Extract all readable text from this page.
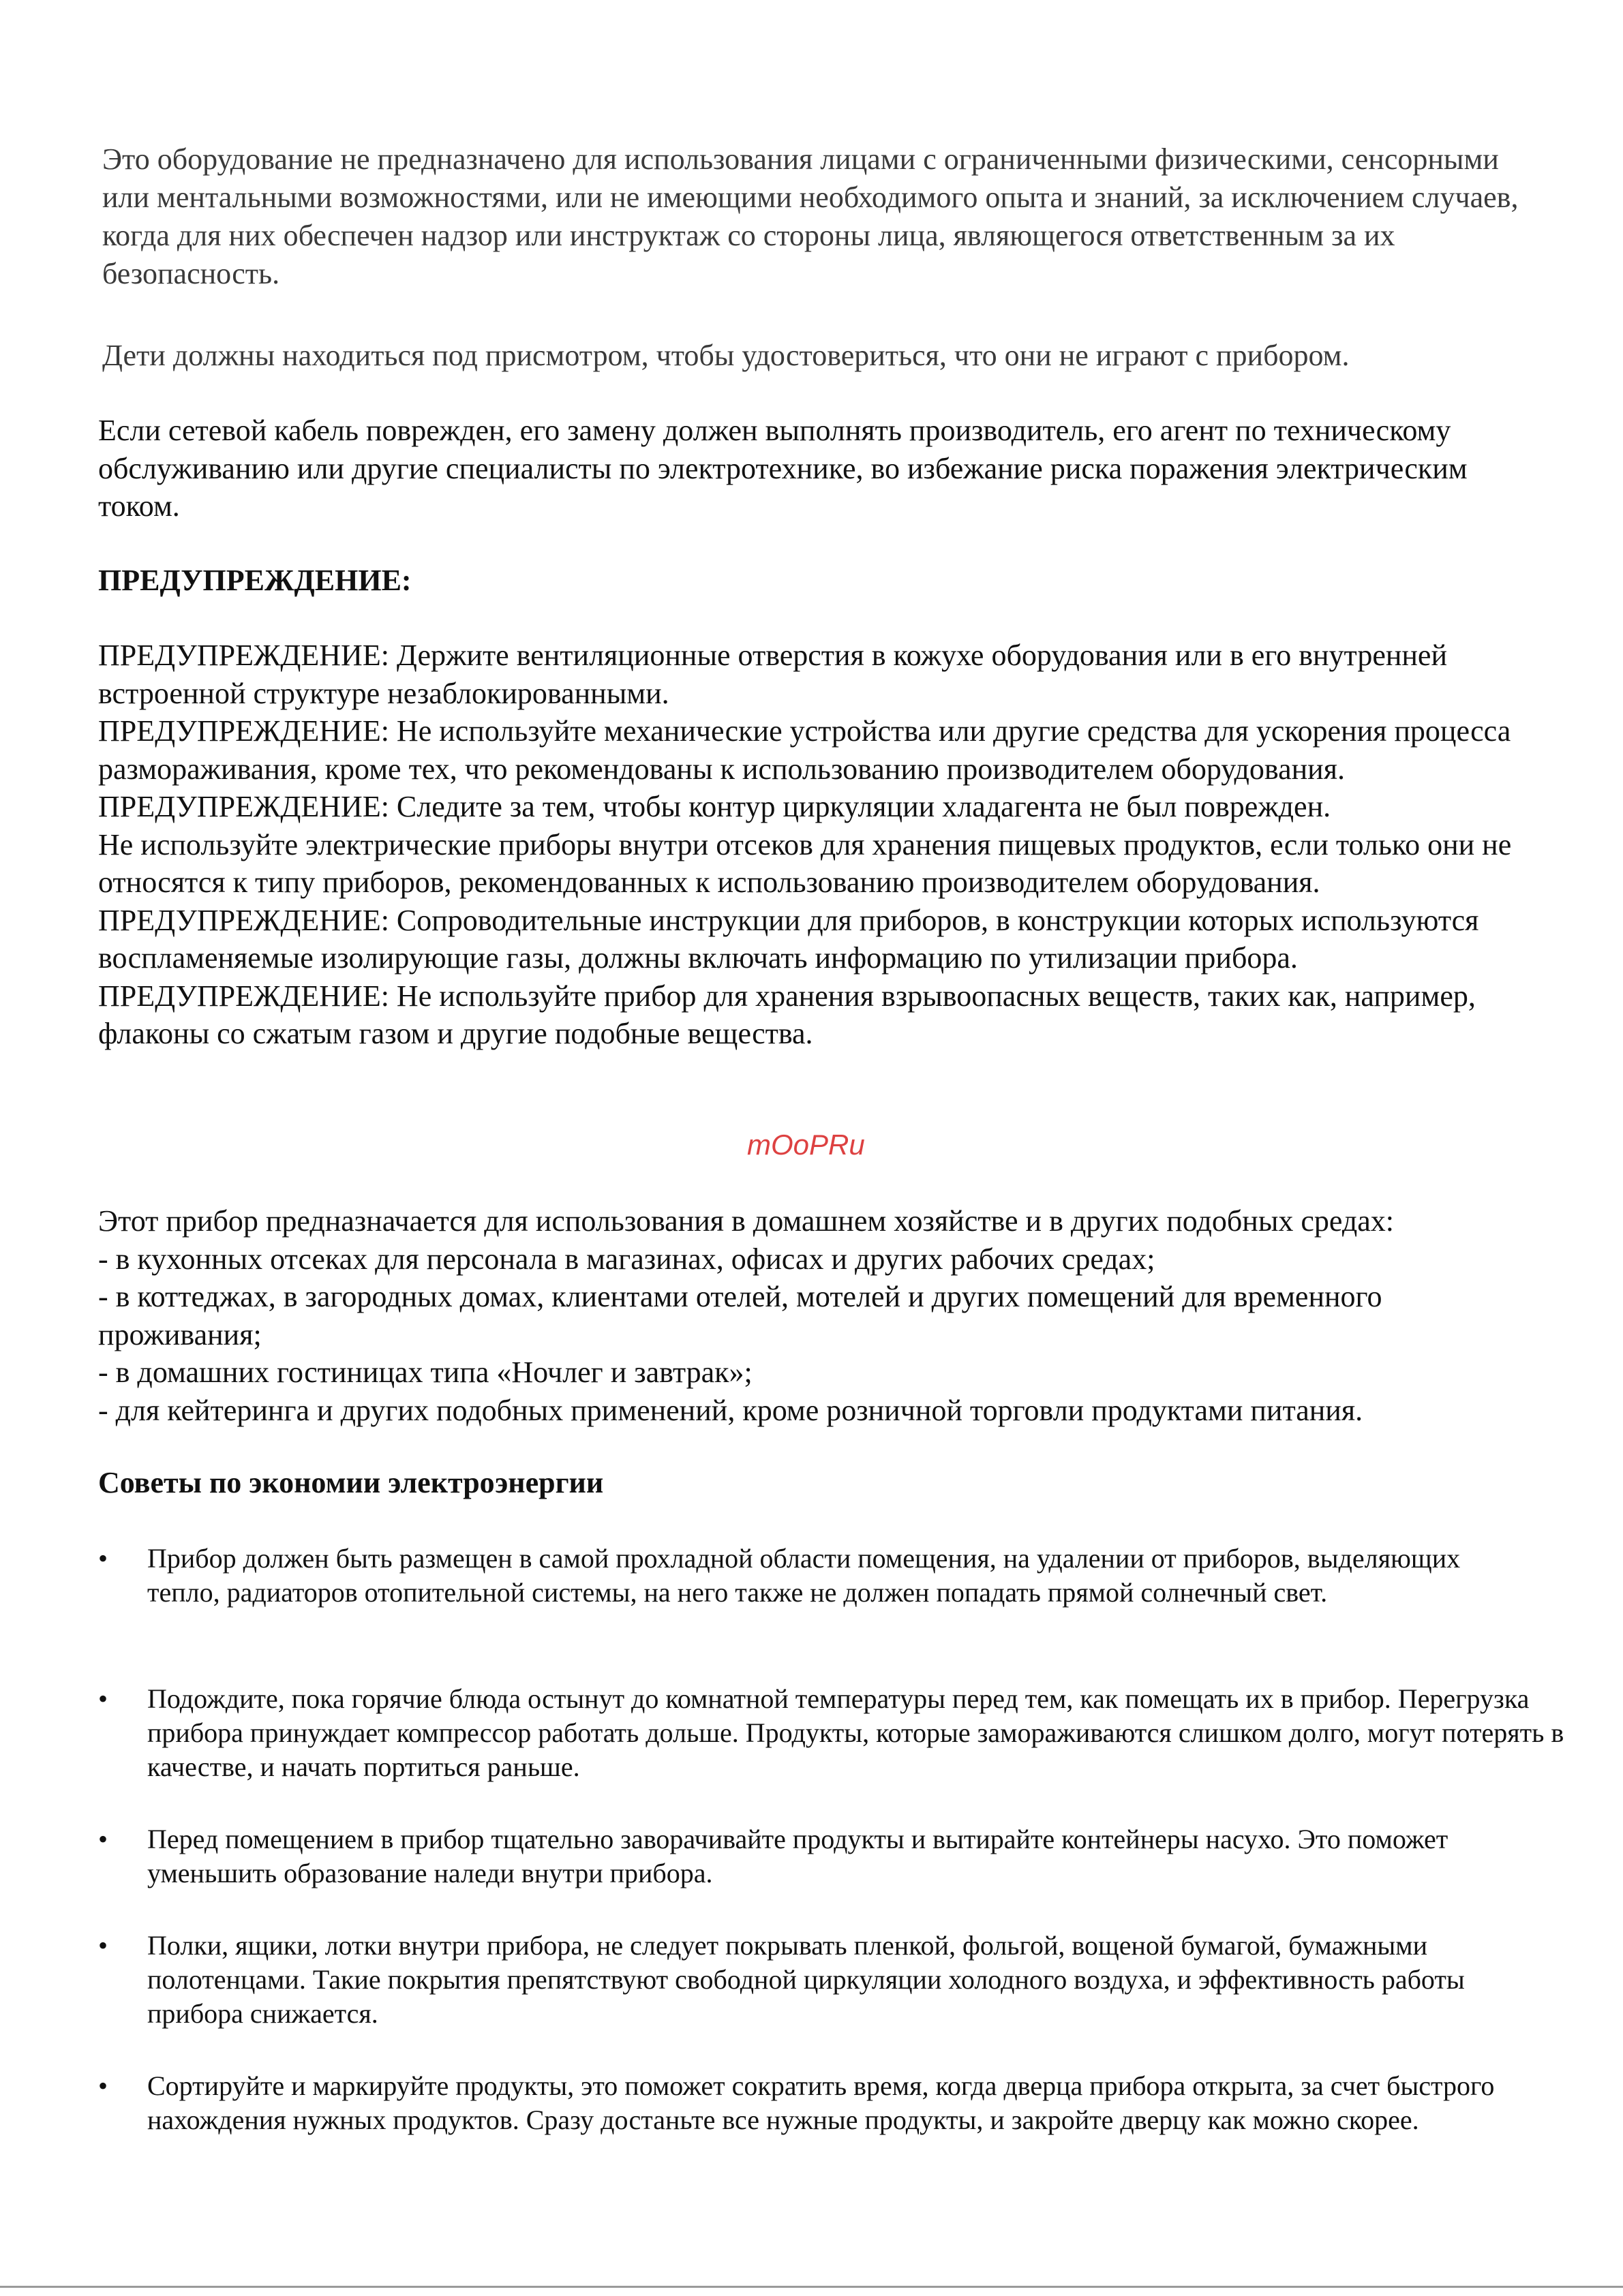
Это оборудование не предназначено для использования лицами с ограниченными физическими, сенсорными или ментальными возможностями, или не имеющими необходимого опыта и знаний, за исключением случаев, когда для них обеспечен надзор или инструктаж со стороны лица, являющегося ответственным за их безопасность.

Дети должны находиться под присмотром, чтобы удостовериться, что они не играют с прибором.

Если сетевой кабель поврежден, его замену должен выполнять производитель, его агент по техническому обслуживанию или другие специалисты по электротехнике, во избежание риска поражения электрическим током.

ПРЕДУПРЕЖДЕНИЕ:

ПРЕДУПРЕЖДЕНИЕ: Держите вентиляционные отверстия в кожухе оборудования или в его внутренней встроенной структуре незаблокированными.
ПРЕДУПРЕЖДЕНИЕ: Не используйте механические устройства или другие средства для ускорения процесса размораживания, кроме тех, что рекомендованы к использованию производителем оборудования.
ПРЕДУПРЕЖДЕНИЕ: Следите за тем, чтобы контур циркуляции хладагента не был поврежден.
Не используйте электрические приборы внутри отсеков для хранения пищевых продуктов, если только они не относятся к типу приборов, рекомендованных к использованию производителем оборудования.
ПРЕДУПРЕЖДЕНИЕ: Сопроводительные инструкции для приборов, в конструкции которых используются воспламеняемые изолирующие газы, должны включать информацию по утилизации прибора.
ПРЕДУПРЕЖДЕНИЕ: Не используйте прибор для хранения взрывоопасных веществ, таких как, например, флаконы со сжатым газом и другие подобные вещества.
mOoPRu
Этот прибор предназначается для использования в домашнем хозяйстве и в других подобных средах:
- в кухонных отсеках для персонала в магазинах, офисах и других рабочих средах;
- в коттеджах, в загородных домах, клиентами отелей, мотелей и других помещений для временного проживания;
- в домашних гостиницах типа «Ночлег и завтрак»;
- для кейтеринга и других подобных применений, кроме розничной торговли продуктами питания.

Советы по экономии электроэнергии

• Прибор должен быть размещен в самой прохладной области помещения, на удалении от приборов, выделяющих тепло, радиаторов отопительной системы, на него также не должен попадать прямой солнечный свет.
• Подождите, пока горячие блюда остынут до комнатной температуры перед тем, как помещать их в прибор. Перегрузка прибора принуждает компрессор работать дольше. Продукты, которые замораживаются слишком долго, могут потерять в качестве, и начать портиться раньше.
• Перед помещением в прибор тщательно заворачивайте продукты и вытирайте контейнеры насухо. Это поможет уменьшить образование наледи внутри прибора.
• Полки, ящики, лотки внутри прибора, не следует покрывать пленкой, фольгой, вощеной бумагой, бумажными полотенцами. Такие покрытия препятствуют свободной циркуляции холодного воздуха, и эффективность работы прибора снижается.
• Сортируйте и маркируйте продукты, это поможет сократить время, когда дверца прибора открыта, за счет быстрого нахождения нужных продуктов. Сразу достаньте все нужные продукты, и закройте дверцу как можно скорее.
